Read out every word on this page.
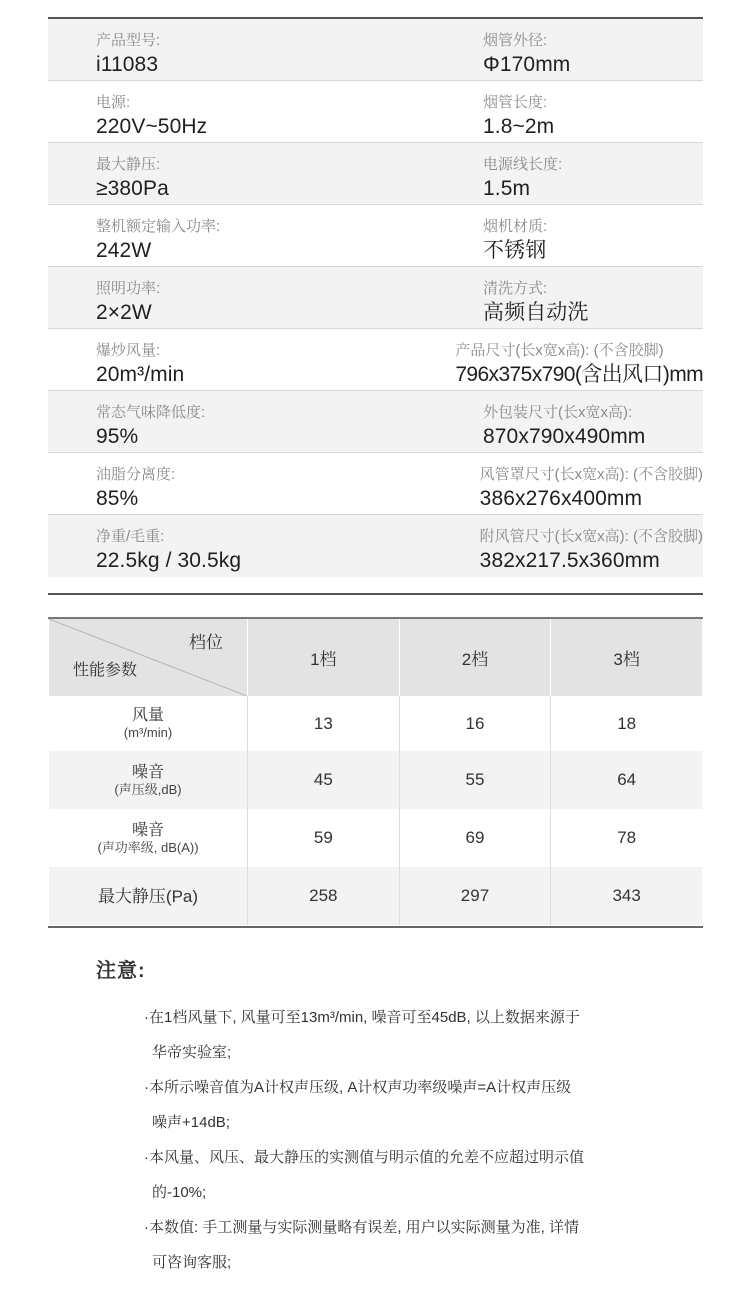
产品型号:
i11083
烟管外径:
Φ170mm
电源:
220V~50Hz
烟管长度:
1.8~2m
最大静压:
≥380Pa
电源线长度:
1.5m
整机额定输入功率:
242W
烟机材质:
不锈钢
照明功率:
2×2W
清洗方式:
高频自动洗
爆炒风量:
20m³/min
产品尺寸(长x宽x高): (不含胶脚)
796x375x790(含出风口)mm
常态气味降低度:
95%
外包装尺寸(长x宽x高):
870x790x490mm
油脂分离度:
85%
风管罩尺寸(长x宽x高): (不含胶脚)
386x276x400mm
净重/毛重:
22.5kg / 30.5kg
附风管尺寸(长x宽x高): (不含胶脚)
382x217.5x360mm
档位
性能参数	1档	2档	3档

风量
(m³/min)	13	16	18

噪音
(声压级,dB)	45	55	64

噪音
(声功率级, dB(A))	59	69	78

最大静压(Pa)	258	297	343
注意:
·在1档风量下, 风量可至13m³/min, 噪音可至45dB, 以上数据来源于
华帝实验室;
·本所示噪音值为A计权声压级, A计权声功率级噪声=A计权声压级
噪声+14dB;
·本风量、风压、最大静压的实测值与明示值的允差不应超过明示值
的-10%;
·本数值: 手工测量与实际测量略有误差, 用户以实际测量为准, 详情
可咨询客服;
